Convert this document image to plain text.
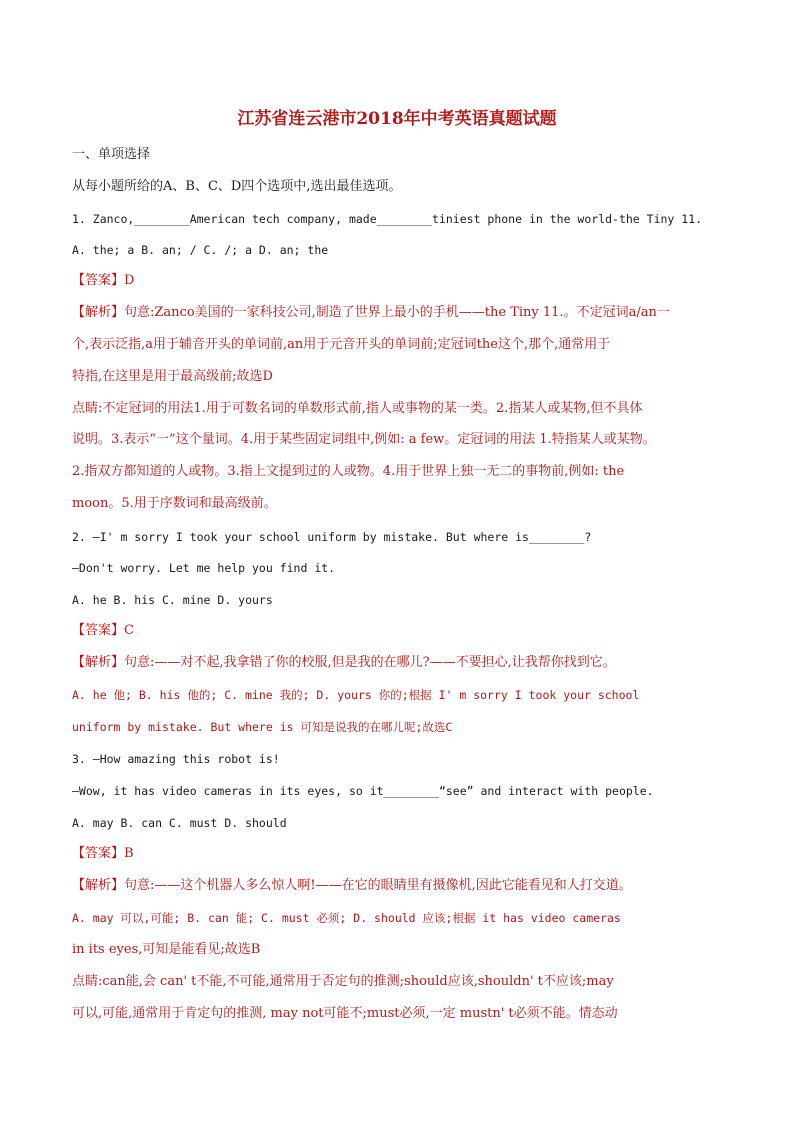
江苏省连云港市2018年中考英语真题试题
一、单项选择
从每小题所给的A、B、C、D四个选项中,选出最佳选项。
1. Zanco,________American tech company, made________tiniest phone in the world-the Tiny 11.
A. the; a B. an; / C. /; a D. an; the
【答案】D
【解析】句意:Zanco美国的一家科技公司,制造了世界上最小的手机——the Tiny 11.。不定冠词a/an一
个,表示泛指,a用于辅音开头的单词前,an用于元音开头的单词前;定冠词the这个,那个,通常用于
特指,在这里是用于最高级前;故选D
点睛:不定冠词的用法1.用于可数名词的单数形式前,指人或事物的某一类。2.指某人或某物,但不具体
说明。3.表示“一”这个量词。4.用于某些固定词组中,例如: a few。定冠词的用法 1.特指某人或某物。
2.指双方都知道的人或物。3.指上文提到过的人或物。4.用于世界上独一无二的事物前,例如: the
moon。5.用于序数词和最高级前。
2. —I' m sorry I took your school uniform by mistake. But where is________?
—Don't worry. Let me help you find it.
A. he B. his C. mine D. yours
【答案】C
【解析】句意:——对不起,我拿错了你的校服,但是我的在哪儿?——不要担心,让我帮你找到它。
A. he 他; B. his 他的; C. mine 我的; D. yours 你的;根据 I' m sorry I took your school
uniform by mistake. But where is 可知是说我的在哪儿呢;故选C
3. —How amazing this robot is!
—Wow, it has video cameras in its eyes, so it________“see” and interact with people.
A. may B. can C. must D. should
【答案】B
【解析】句意:——这个机器人多么惊人啊!——在它的眼睛里有摄像机,因此它能看见和人打交道。
A. may 可以,可能; B. can 能; C. must 必须; D. should 应该;根据 it has video cameras
in its eyes,可知是能看见;故选B
点睛:can能,会 can' t不能,不可能,通常用于否定句的推测;should应该,shouldn' t不应该;may
可以,可能,通常用于肯定句的推测, may not可能不;must必须,一定 mustn' t必须不能。情态动
